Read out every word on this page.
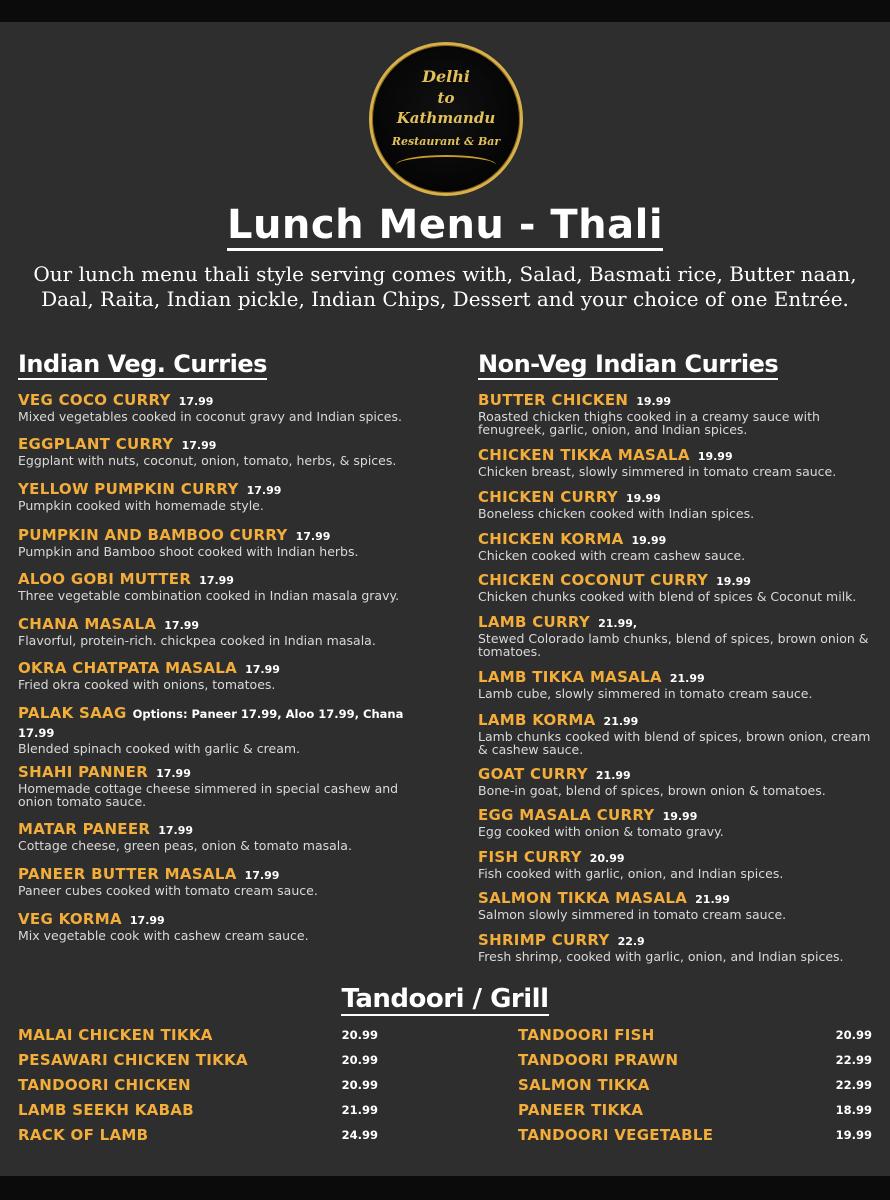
Delhi
to
Kathmandu
Restaurant & Bar
Lunch Menu - Thali
Our lunch menu thali style serving comes with, Salad, Basmati rice, Butter naan, Daal, Raita, Indian pickle, Indian Chips, Dessert and your choice of one Entrée.
Indian Veg. Curries	Non-Veg Indian Curries
VEG COCO CURRY 17.99
Mixed vegetables cooked in coconut gravy and Indian spices.
EGGPLANT CURRY 17.99
Eggplant with nuts, coconut, onion, tomato, herbs, & spices.
YELLOW PUMPKIN CURRY 17.99
Pumpkin cooked with homemade style.
PUMPKIN AND BAMBOO CURRY 17.99
Pumpkin and Bamboo shoot cooked with Indian herbs.
ALOO GOBI MUTTER 17.99
Three vegetable combination cooked in Indian masala gravy.
CHANA MASALA 17.99
Flavorful, protein-rich. chickpea cooked in Indian masala.
OKRA CHATPATA MASALA 17.99
Fried okra cooked with onions, tomatoes.
PALAK SAAG Options: Paneer 17.99, Aloo 17.99, Chana 17.99
Blended spinach cooked with garlic & cream.
SHAHI PANNER 17.99
Homemade cottage cheese simmered in special cashew and onion tomato sauce.
MATAR PANEER 17.99
Cottage cheese, green peas, onion & tomato masala.
PANEER BUTTER MASALA 17.99
Paneer cubes cooked with tomato cream sauce.
VEG KORMA 17.99
Mix vegetable cook with cashew cream sauce.
BUTTER CHICKEN 19.99
Roasted chicken thighs cooked in a creamy sauce with fenugreek, garlic, onion, and Indian spices.
CHICKEN TIKKA MASALA 19.99
Chicken breast, slowly simmered in tomato cream sauce.
CHICKEN CURRY 19.99
Boneless chicken cooked with Indian spices.
CHICKEN KORMA 19.99
Chicken cooked with cream cashew sauce.
CHICKEN COCONUT CURRY 19.99
Chicken chunks cooked with blend of spices & Coconut milk.
LAMB CURRY 21.99,
Stewed Colorado lamb chunks, blend of spices, brown onion & tomatoes.
LAMB TIKKA MASALA 21.99
Lamb cube, slowly simmered in tomato cream sauce.
LAMB KORMA 21.99
Lamb chunks cooked with blend of spices, brown onion, cream & cashew sauce.
GOAT CURRY 21.99
Bone-in goat, blend of spices, brown onion & tomatoes.
EGG MASALA CURRY 19.99
Egg cooked with onion & tomato gravy.
FISH CURRY 20.99
Fish cooked with garlic, onion, and Indian spices.
SALMON TIKKA MASALA 21.99
Salmon slowly simmered in tomato cream sauce.
SHRIMP CURRY 22.9
Fresh shrimp, cooked with garlic, onion, and Indian spices.
Tandoori / Grill
MALAI CHICKEN TIKKA	20.99
PESAWARI CHICKEN TIKKA	20.99
TANDOORI CHICKEN	20.99
LAMB SEEKH KABAB	21.99
RACK OF LAMB	24.99
TANDOORI FISH	20.99
TANDOORI PRAWN	22.99
SALMON TIKKA	22.99
PANEER TIKKA	18.99
TANDOORI VEGETABLE	19.99
